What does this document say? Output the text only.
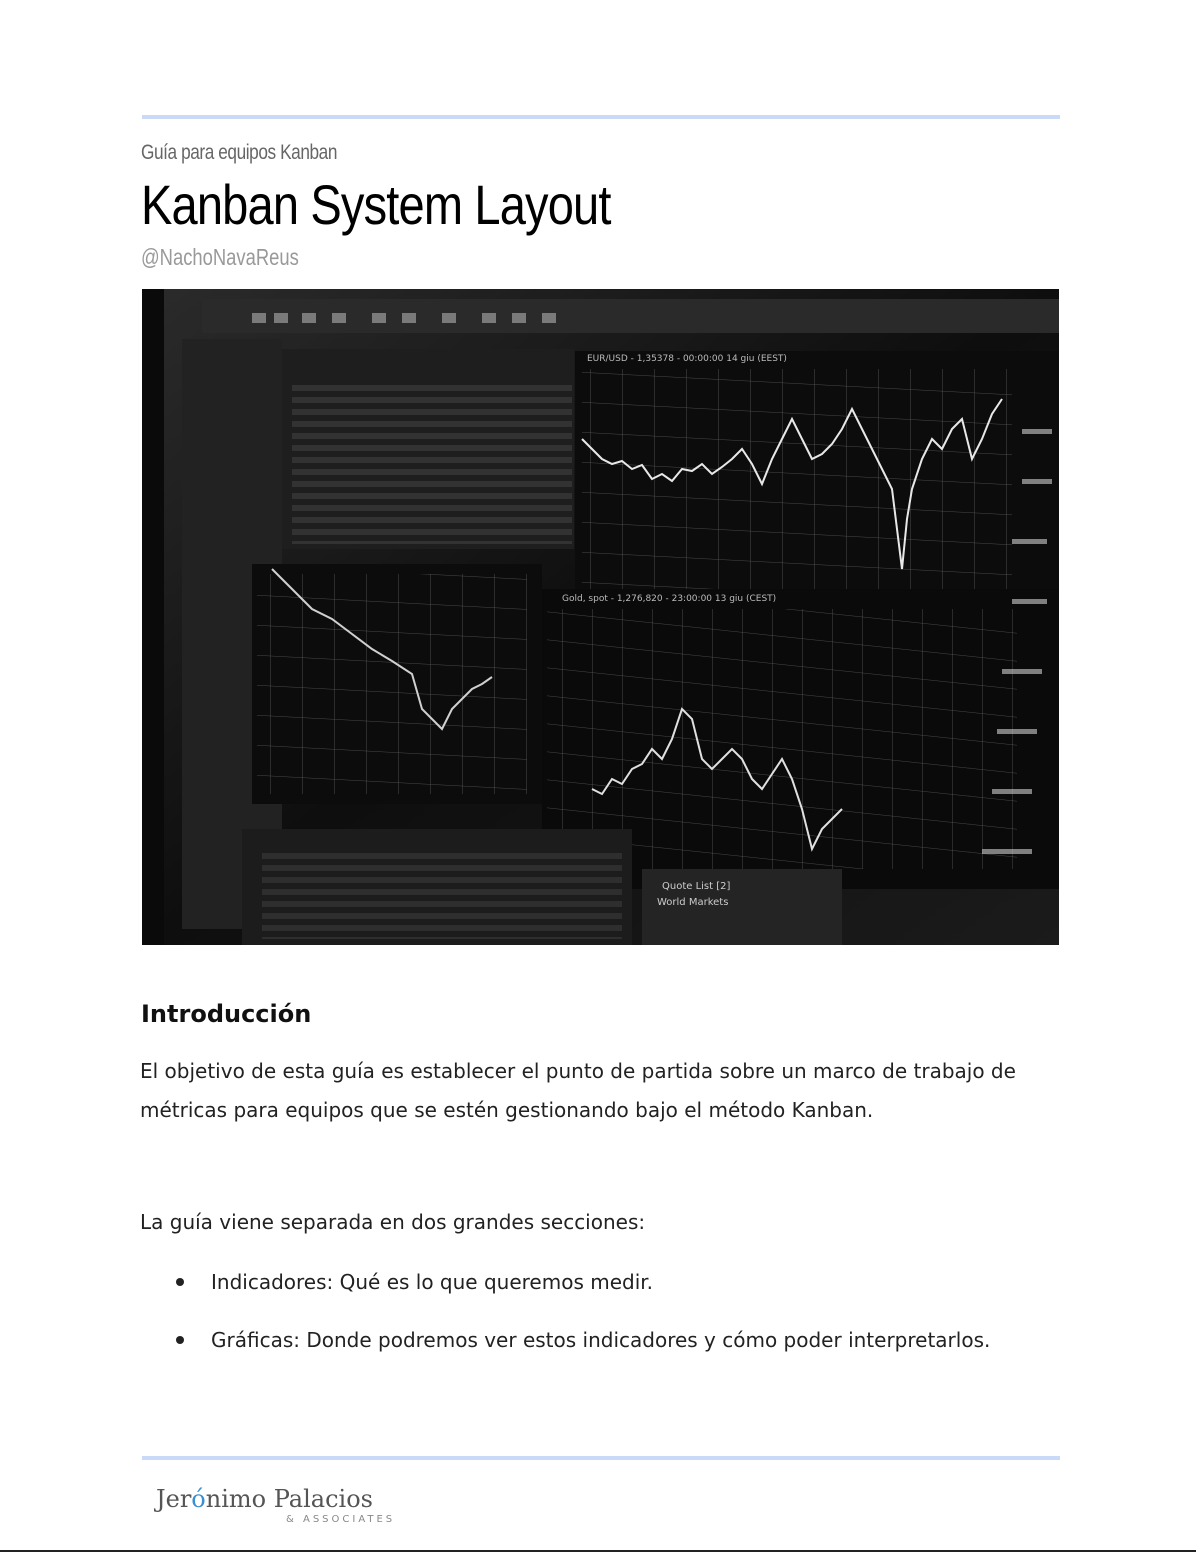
Guía para equipos Kanban
Kanban System Layout
@NachoNavaReus
EUR/USD - 1,35378 - 00:00:00 14 giu (EEST)
Gold, spot - 1,276,820 - 23:00:00 13 giu (CEST)
Quote List [2]
World Markets
Introducción
El objetivo de esta guía es establecer el punto de partida sobre un marco de trabajo de métricas para equipos que se estén gestionando bajo el método Kanban.
La guía viene separada en dos grandes secciones:
Indicadores: Qué es lo que queremos medir.
Gráficas: Donde podremos ver estos indicadores y cómo poder interpretarlos.
Jerónimo Palacios
& ASSOCIATES
